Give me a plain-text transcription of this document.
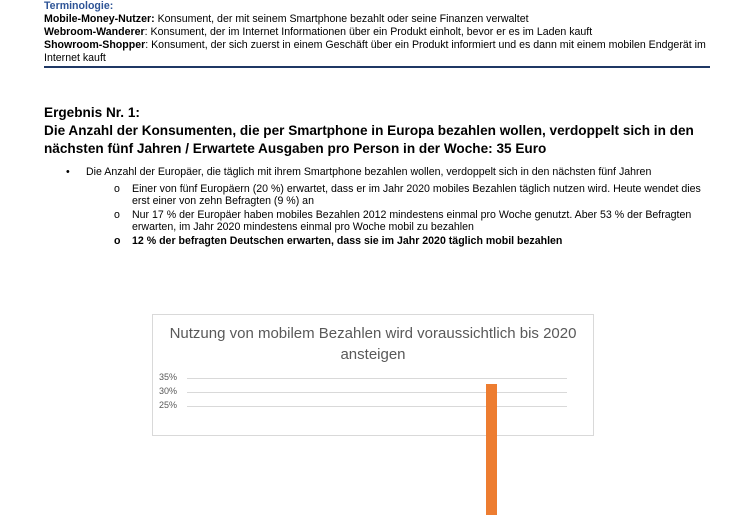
Terminologie:
Mobile-Money-Nutzer: Konsument, der mit seinem Smartphone bezahlt oder seine Finanzen verwaltet
Webroom-Wanderer: Konsument, der im Internet Informationen über ein Produkt einholt, bevor er es im Laden kauft
Showroom-Shopper: Konsument, der sich zuerst in einem Geschäft über ein Produkt informiert und es dann mit einem mobilen Endgerät im Internet kauft
Ergebnis Nr. 1:
Die Anzahl der Konsumenten, die per Smartphone in Europa bezahlen wollen, verdoppelt sich in den nächsten fünf Jahren / Erwartete Ausgaben pro Person in der Woche: 35 Euro
• Die Anzahl der Europäer, die täglich mit ihrem Smartphone bezahlen wollen, verdoppelt sich in den nächsten fünf Jahren
o Einer von fünf Europäern (20 %) erwartet, dass er im Jahr 2020 mobiles Bezahlen täglich nutzen wird. Heute wendet dies erst einer von zehn Befragten (9 %) an
o Nur 17 % der Europäer haben mobiles Bezahlen 2012 mindestens einmal pro Woche genutzt. Aber 53 % der Befragten erwarten, im Jahr 2020 mindestens einmal pro Woche mobil zu bezahlen
o 12 % der befragten Deutschen erwarten, dass sie im Jahr 2020 täglich mobil bezahlen
Nutzung von mobilem Bezahlen wird voraussichtlich bis 2020 ansteigen
35%
30%
25%
